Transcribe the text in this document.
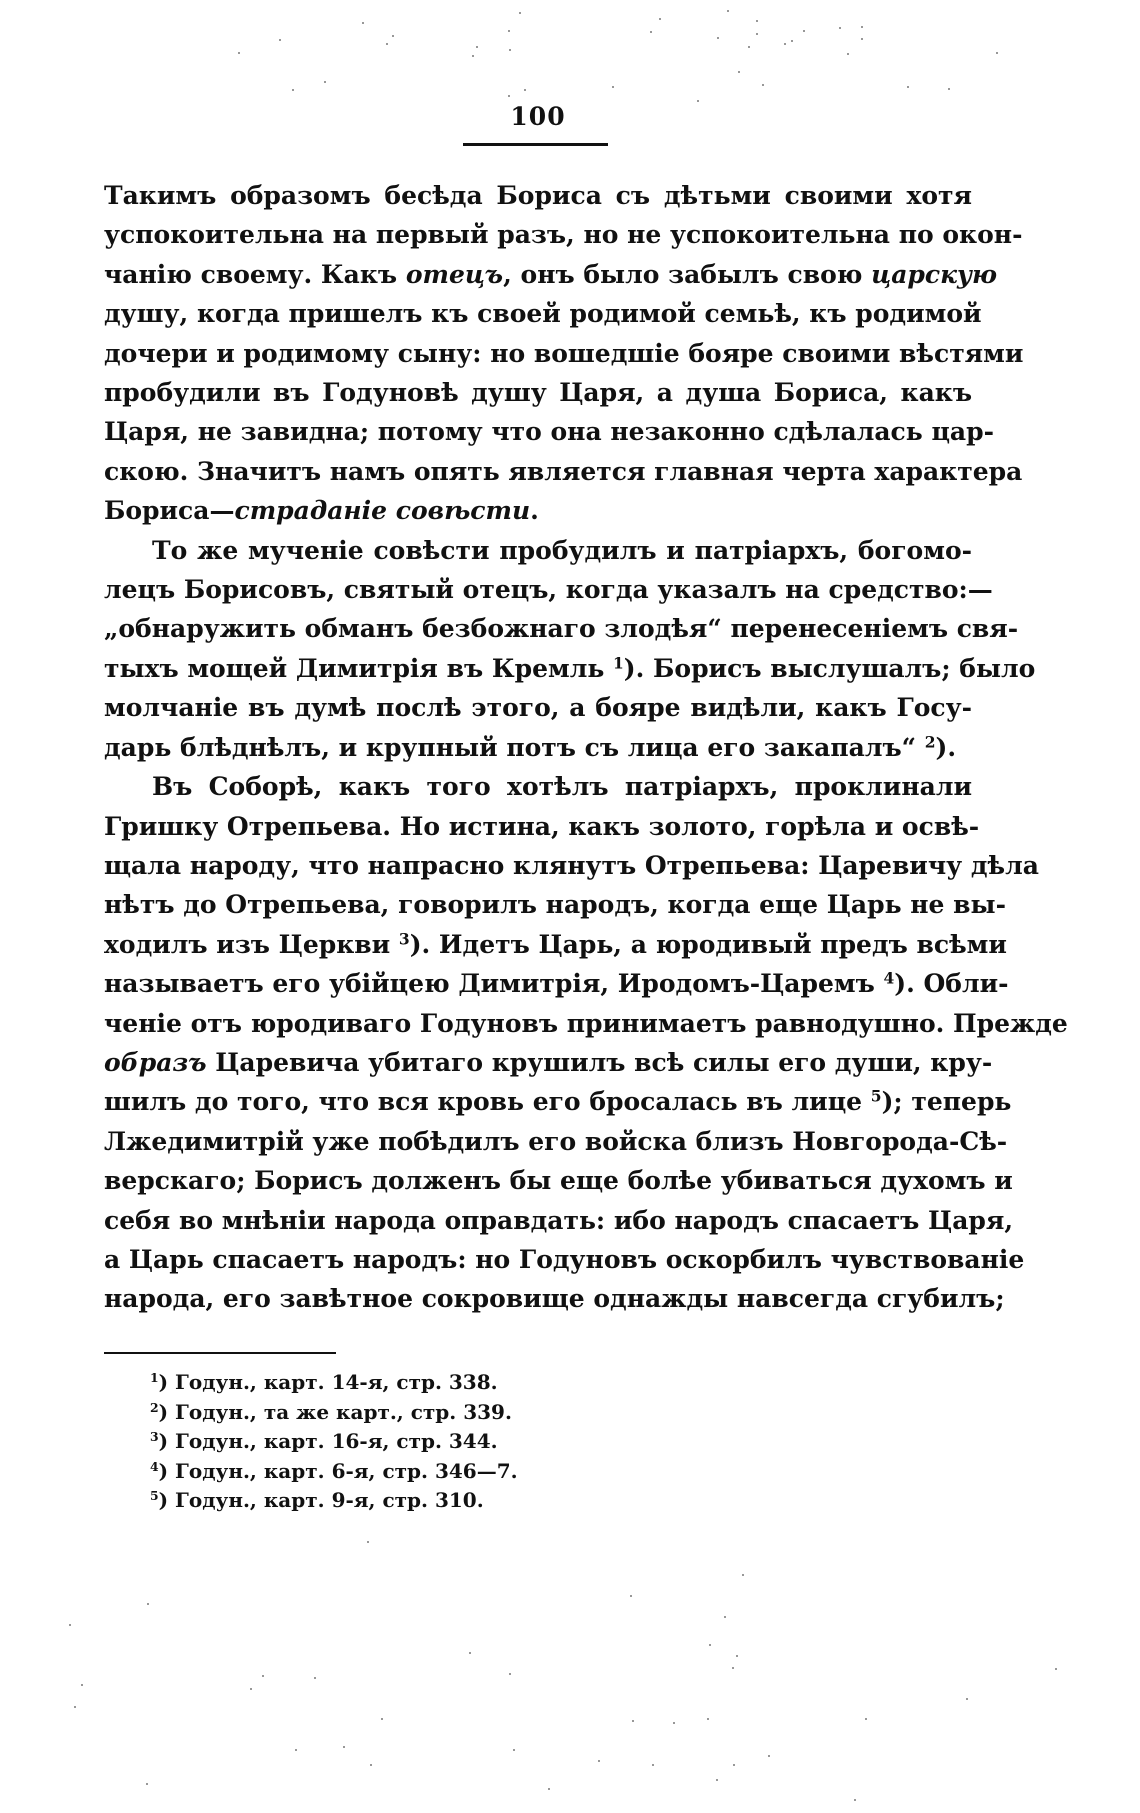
100

Такимъ образомъ бесѣда Бориса съ дѣтьми своими хотя
успокоительна на первый разъ, но не успокоительна по окон-
чанію своему. Какъ отецъ, онъ было забылъ свою царскую
душу, когда пришелъ къ своей родимой семьѣ, къ родимой
дочери и родимому сыну: но вошедшіе бояре своими вѣстями
пробудили въ Годуновѣ душу Царя, а душа Бориса, какъ
Царя, не завидна; потому что она незаконно сдѣлалась цар-
скою. Значитъ намъ опять является главная черта характера
Бориса—страданіе совѣсти.

То же мученіе совѣсти пробудилъ и патріархъ, богомо-
лецъ Борисовъ, святый отецъ, когда указалъ на средство:—
„обнаружить обманъ безбожнаго злодѣя“ перенесеніемъ свя-
тыхъ мощей Димитрія въ Кремль $^1$). Борисъ выслушалъ; было
молчаніе въ думѣ послѣ этого, а бояре видѣли, какъ Госу-
дарь блѣднѣлъ, и крупный потъ съ лица его закапалъ“ $^2$).

Въ Соборѣ, какъ того хотѣлъ патріархъ, проклинали
Гришку Отрепьева. Но истина, какъ золото, горѣла и освѣ-
щала народу, что напрасно клянутъ Отрепьева: Царевичу дѣла
нѣтъ до Отрепьева, говорилъ народъ, когда еще Царь не вы-
ходилъ изъ Церкви $^3$). Идетъ Царь, а юродивый предъ всѣми
называетъ его убійцею Димитрія, Иродомъ-Царемъ $^4$). Обли-
ченіе отъ юродиваго Годуновъ принимаетъ равнодушно. Прежде
образъ Царевича убитаго крушилъ всѣ силы его души, кру-
шилъ до того, что вся кровь его бросалась въ лице $^5$); теперь
Лжедимитрій уже побѣдилъ его войска близъ Новгорода-Сѣ-
верскаго; Борисъ долженъ бы еще болѣе убиваться духомъ и
себя во мнѣніи народа оправдать: ибо народъ спасаетъ Царя,
а Царь спасаетъ народъ: но Годуновъ оскорбилъ чувствованіе
народа, его завѣтное сокровище однажды навсегда сгубилъ;

$^1$) Годун., карт. 14-я, стр. 338.
$^2$) Годун., та же карт., стр. 339.
$^3$) Годун., карт. 16-я, стр. 344.
$^4$) Годун., карт. 6-я, стр. 346—7.
$^5$) Годун., карт. 9-я, стр. 310.
